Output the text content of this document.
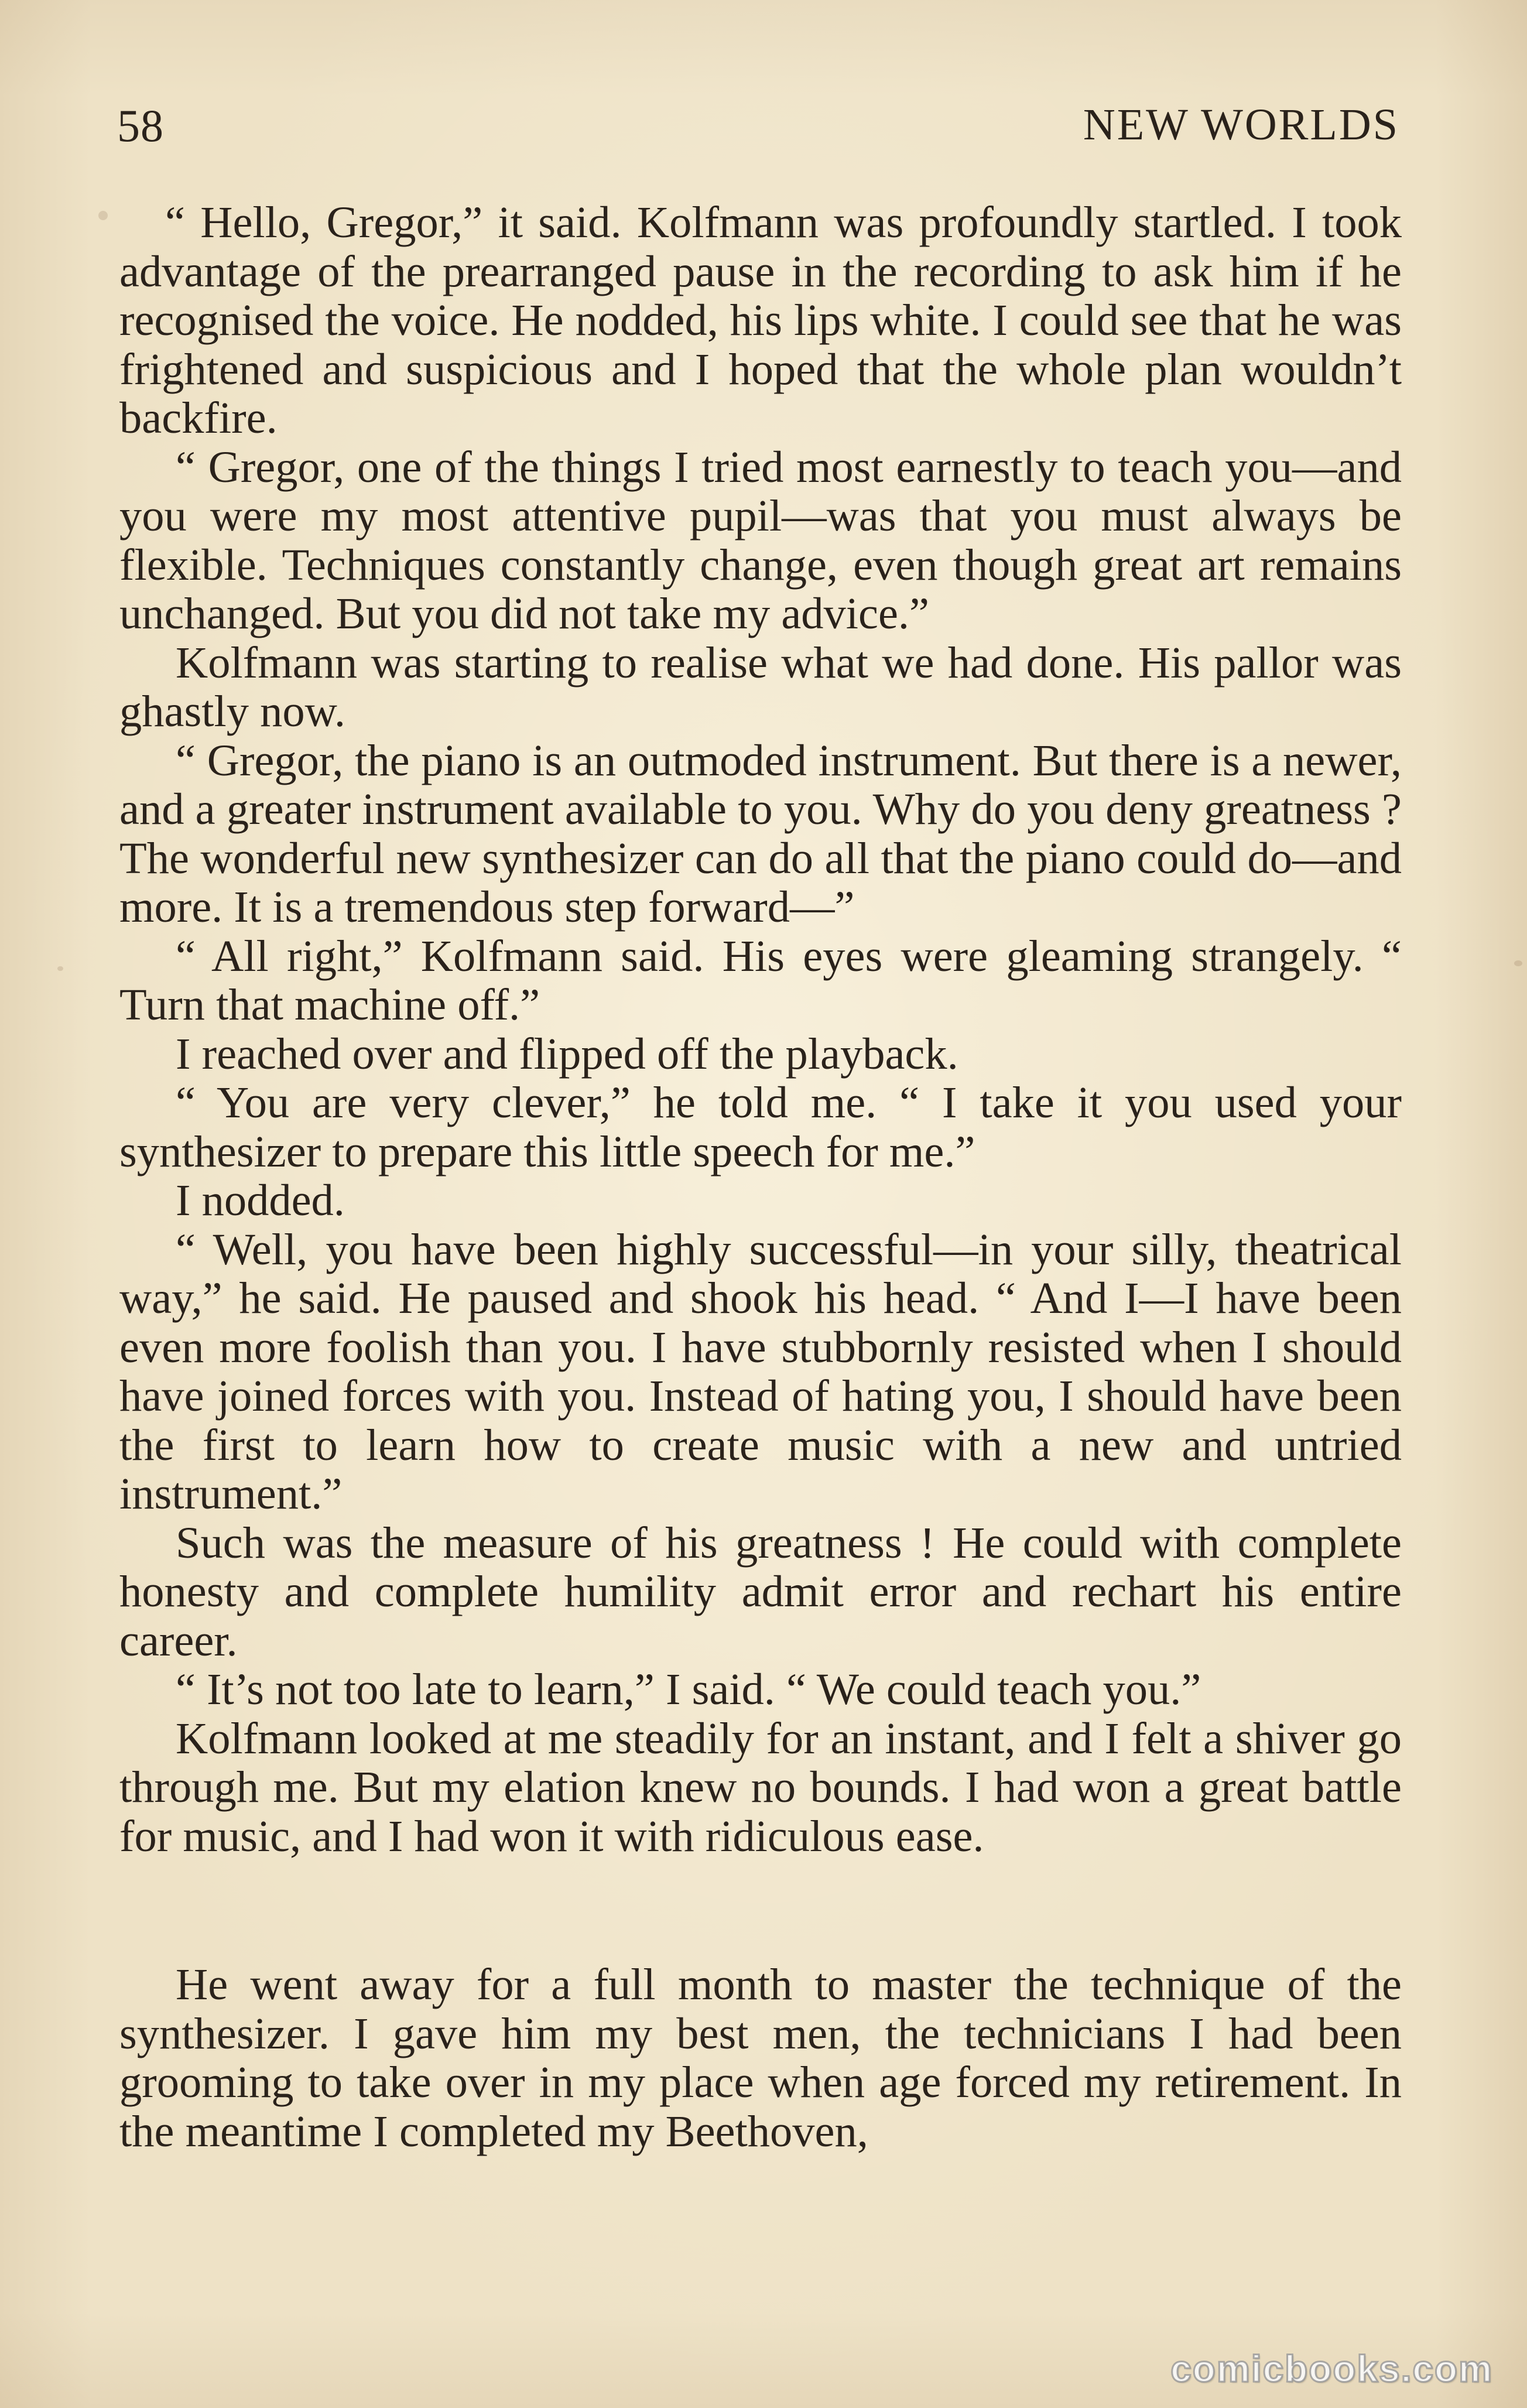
58	NEW WORLDS

“ Hello, Gregor,” it said. Kolfmann was profoundly startled. I took advantage of the prearranged pause in the recording to ask him if he recognised the voice. He nodded, his lips white. I could see that he was frightened and suspicious and I hoped that the whole plan wouldn’t backfire.

“ Gregor, one of the things I tried most earnestly to teach you—and you were my most attentive pupil—was that you must always be flexible. Techniques constantly change, even though great art remains unchanged. But you did not take my advice.”

Kolfmann was starting to realise what we had done. His pallor was ghastly now.

“ Gregor, the piano is an outmoded instrument. But there is a newer, and a greater instrument available to you. Why do you deny greatness ? The wonderful new synthesizer can do all that the piano could do—and more. It is a tremendous step forward—”

“ All right,” Kolfmann said. His eyes were gleaming strangely. “ Turn that machine off.”

I reached over and flipped off the playback.

“ You are very clever,” he told me. “ I take it you used your synthesizer to prepare this little speech for me.”

I nodded.

“ Well, you have been highly successful—in your silly, theatrical way,” he said. He paused and shook his head. “ And I—I have been even more foolish than you. I have stubbornly resisted when I should have joined forces with you. Instead of hating you, I should have been the first to learn how to create music with a new and untried instrument.”

Such was the measure of his greatness ! He could with complete honesty and complete humility admit error and rechart his entire career.

“ It’s not too late to learn,” I said. “ We could teach you.”

Kolfmann looked at me steadily for an instant, and I felt a shiver go through me. But my elation knew no bounds. I had won a great battle for music, and I had won it with ridiculous ease.

He went away for a full month to master the technique of the synthesizer. I gave him my best men, the technicians I had been grooming to take over in my place when age forced my retirement. In the meantime I completed my Beethoven,

comicbooks.com
